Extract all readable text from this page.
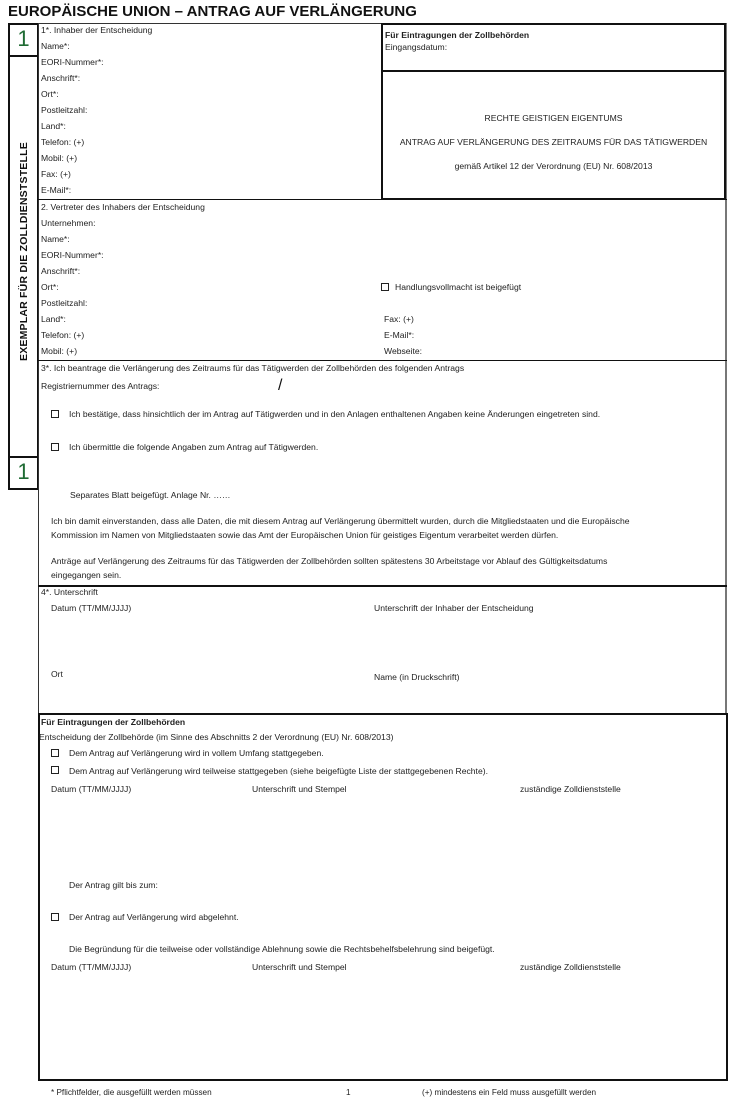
EUROPÄISCHE UNION – ANTRAG AUF VERLÄNGERUNG
1
EXEMPLAR FÜR DIE ZOLLDIENSTSTELLE
1
1*. Inhaber der Entscheidung
Name*:
EORI-Nummer*:
Anschrift*:
Ort*:
Postleitzahl:
Land*:
Telefon: (+)
Mobil: (+)
Fax: (+)
E-Mail*:
Für Eintragungen der Zollbehörden
Eingangsdatum:
RECHTE GEISTIGEN EIGENTUMS
ANTRAG AUF VERLÄNGERUNG DES ZEITRAUMS FÜR DAS TÄTIGWERDEN
gemäß Artikel 12 der Verordnung (EU) Nr. 608/2013
2. Vertreter des Inhabers der Entscheidung
Unternehmen:
Name*:
EORI-Nummer*:
Anschrift*:
Ort*:
Postleitzahl:
Land*:
Telefon: (+)
Mobil: (+)
Handlungsvollmacht ist beigefügt
Fax: (+)
E-Mail*:
Webseite:
3*. Ich beantrage die Verlängerung des Zeitraums für das Tätigwerden der Zollbehörden des folgenden Antrags
Registriernummer des Antrags:	/
Ich bestätige, dass hinsichtlich der im Antrag auf Tätigwerden und in den Anlagen enthaltenen Angaben keine Änderungen eingetreten sind.
Ich übermittle die folgende Angaben zum Antrag auf Tätigwerden.
Separates Blatt beigefügt. Anlage Nr. ……
Ich bin damit einverstanden, dass alle Daten, die mit diesem Antrag auf Verlängerung übermittelt wurden, durch die Mitgliedstaaten und die Europäische
Kommission im Namen von Mitgliedstaaten sowie das Amt der Europäischen Union für geistiges Eigentum verarbeitet werden dürfen.
Anträge auf Verlängerung des Zeitraums für das Tätigwerden der Zollbehörden sollten spätestens 30 Arbeitstage vor Ablauf des Gültigkeitsdatums
eingegangen sein.
4*. Unterschrift
Datum (TT/MM/JJJJ)	Unterschrift der Inhaber der Entscheidung
Ort	Name (in Druckschrift)
Für Eintragungen der Zollbehörden
Entscheidung der Zollbehörde (im Sinne des Abschnitts 2 der Verordnung (EU) Nr. 608/2013)
Dem Antrag auf Verlängerung wird in vollem Umfang stattgegeben.
Dem Antrag auf Verlängerung wird teilweise stattgegeben (siehe beigefügte Liste der stattgegebenen Rechte).
Datum (TT/MM/JJJJ)	Unterschrift und Stempel	zuständige Zolldienststelle
Der Antrag gilt bis zum:
Der Antrag auf Verlängerung wird abgelehnt.
Die Begründung für die teilweise oder vollständige Ablehnung sowie die Rechtsbehelfsbelehrung sind beigefügt.
Datum (TT/MM/JJJJ)	Unterschrift und Stempel	zuständige Zolldienststelle
* Pflichtfelder, die ausgefüllt werden müssen	1	(+) mindestens ein Feld muss ausgefüllt werden
